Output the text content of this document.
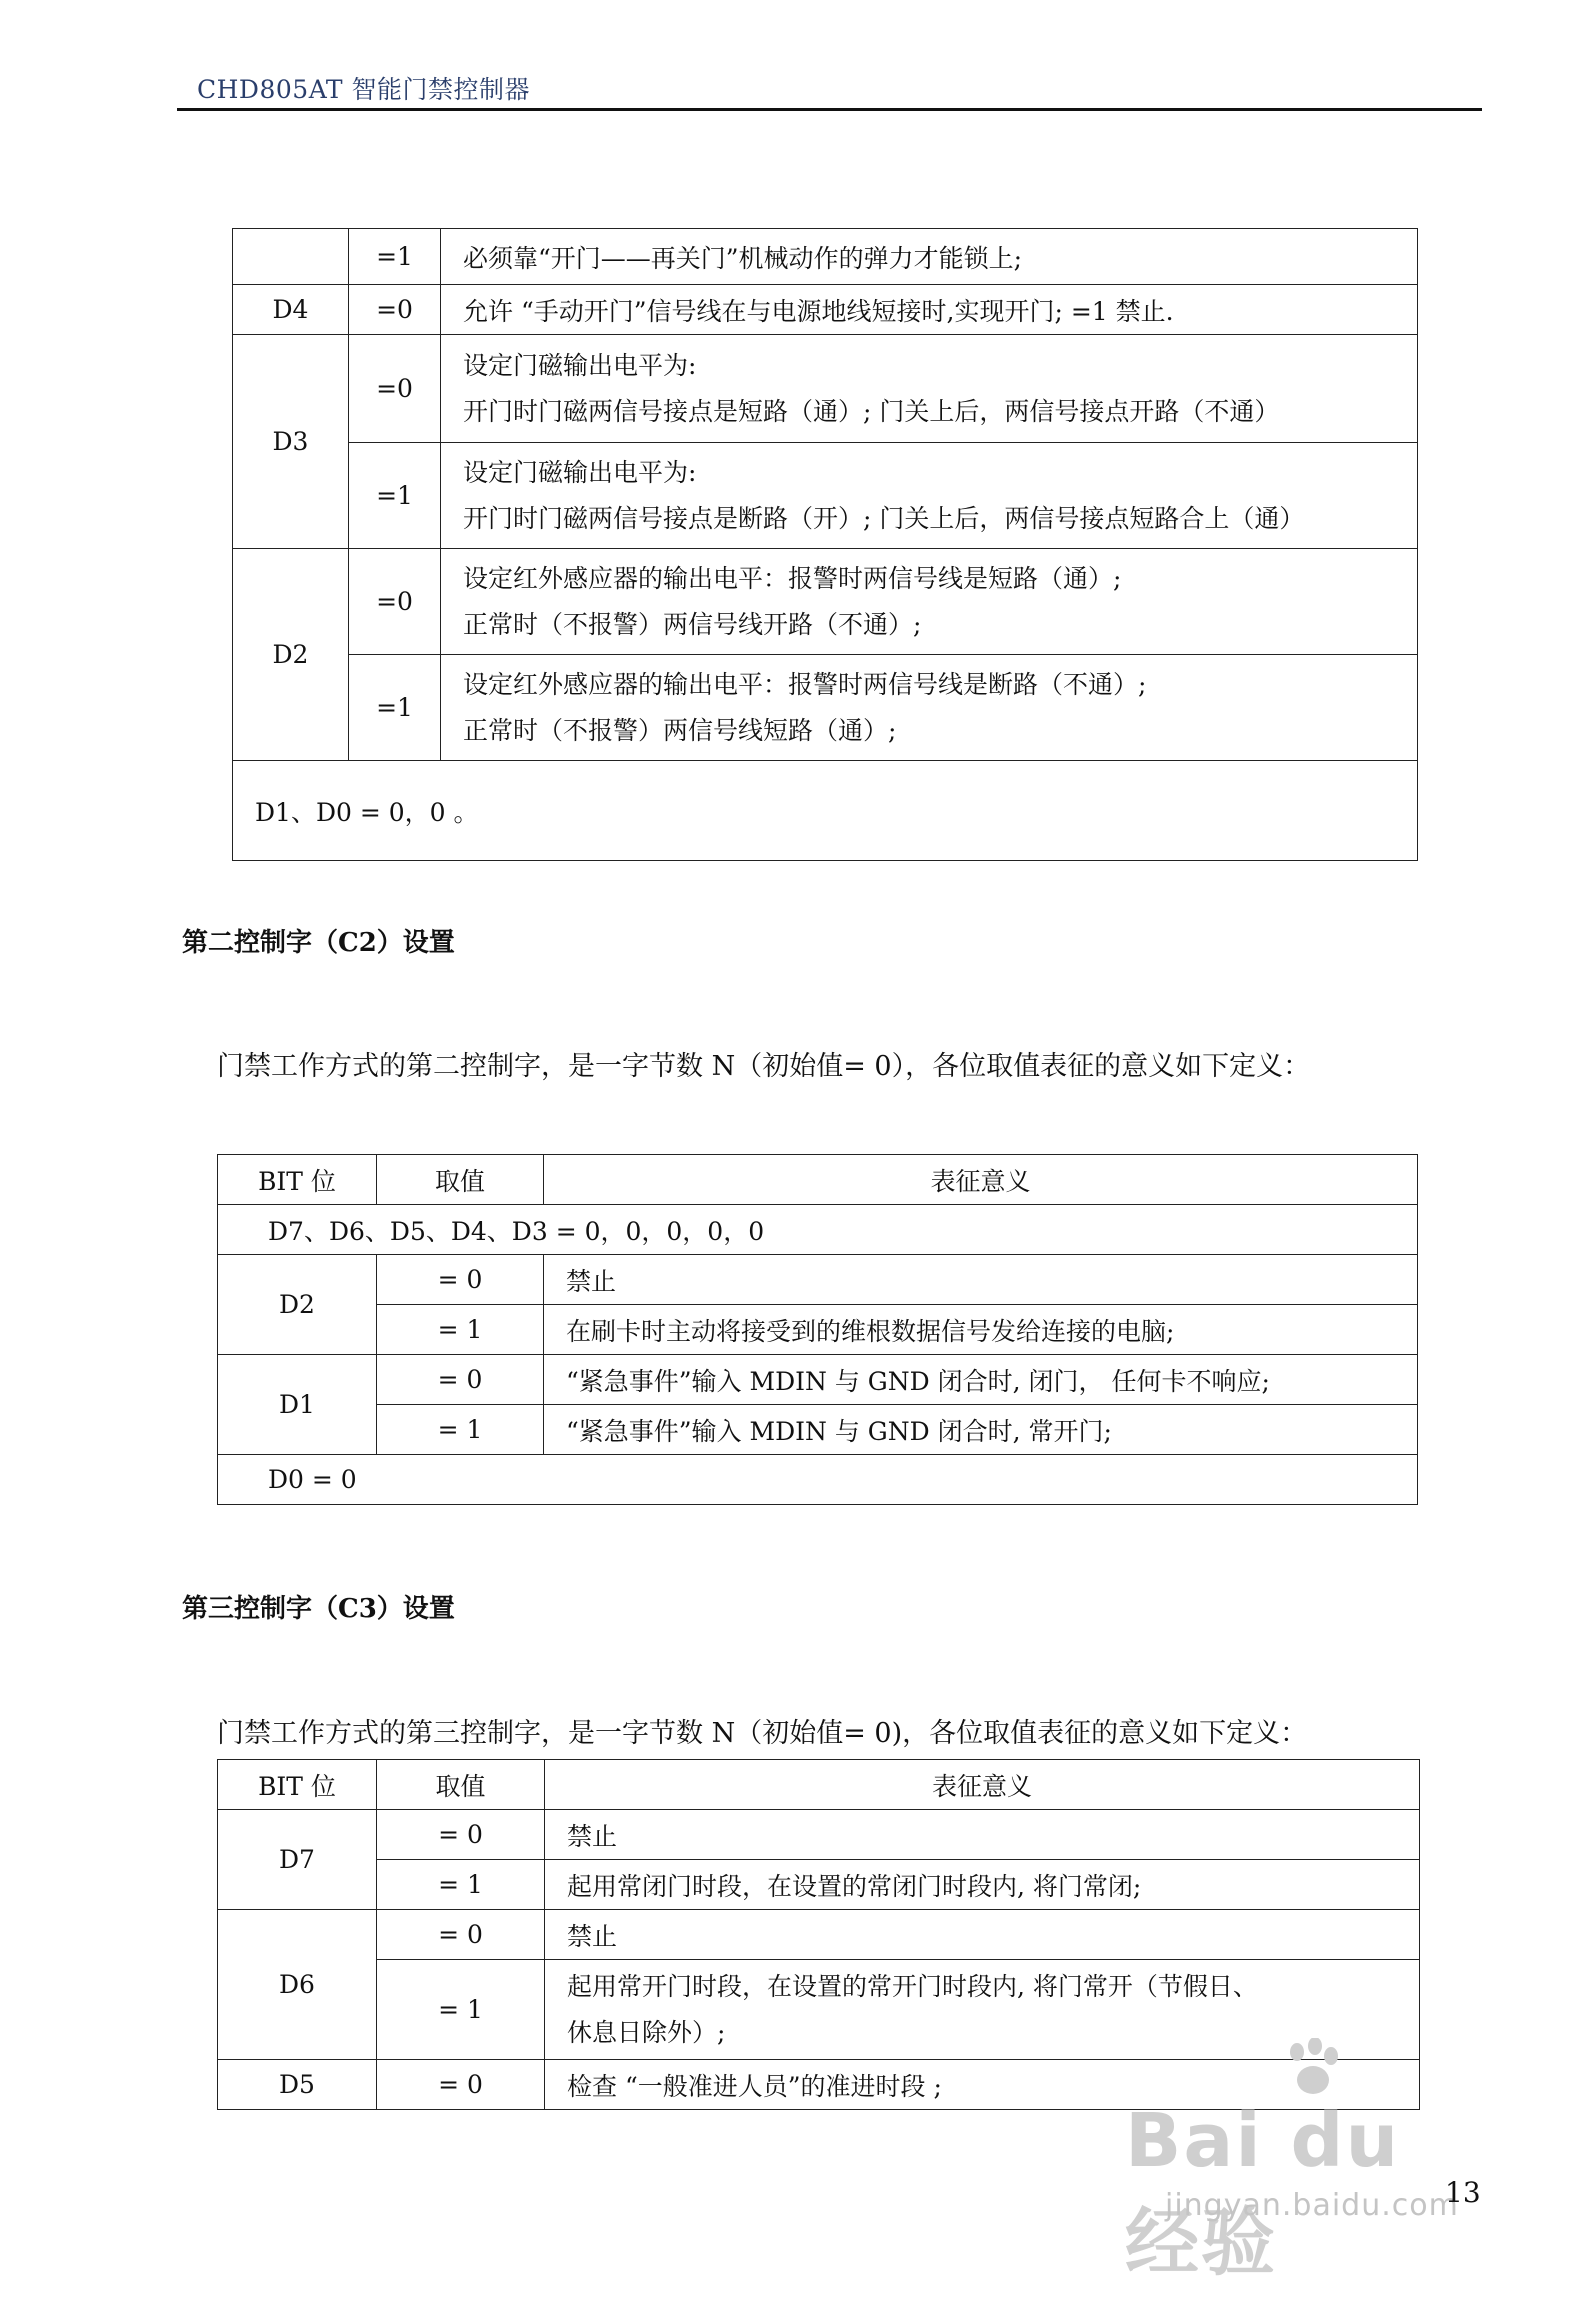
CHD805AT 智能门禁控制器
	=1	必须靠“开门——再关门”机械动作的弹力才能锁上;
D4	=0	允许 “手动开门”信号线在与电源地线短接时,实现开门; =1 禁止.
D3	=0	设定门磁输出电平为:
开门时门磁两信号接点是短路（通）; 门关上后，两信号接点开路（不通）

	=1	设定门磁输出电平为:
开门时门磁两信号接点是断路（开）; 门关上后，两信号接点短路合上（通）

D2	=0	设定红外感应器的输出电平：报警时两信号线是短路（通）;
正常时（不报警）两信号线开路（不通）;

	=1	设定红外感应器的输出电平：报警时两信号线是断路（不通）;
正常时（不报警）两信号线短路（通）;

D1、D0 = 0，0 。		
第二控制字（C2）设置
门禁工作方式的第二控制字，是一字节数 N（初始值= 0），各位取值表征的意义如下定义：
BIT 位	取值	表征意义
D7、D6、D5、D4、D3 = 0，0，0，0，0		
D2	= 0	禁止
	= 1	在刷卡时主动将接受到的维根数据信号发给连接的电脑;
D1	= 0	“紧急事件”输入 MDIN 与 GND 闭合时, 闭门， 任何卡不响应;
	= 1	“紧急事件”输入 MDIN 与 GND 闭合时, 常开门;
D0 = 0		
第三控制字（C3）设置
门禁工作方式的第三控制字，是一字节数 N（初始值= 0)，各位取值表征的意义如下定义：
BIT 位	取值	表征意义
D7	= 0	禁止
	= 1	起用常闭门时段，在设置的常闭门时段内, 将门常闭;
D6	= 0	禁止
	= 1	起用常开门时段，在设置的常开门时段内, 将门常开（节假日、
休息日除外）;

D5	= 0	检查 “一般准进人员”的准进时段 ;
Bai du 经验
jingyan.baidu.com
13
